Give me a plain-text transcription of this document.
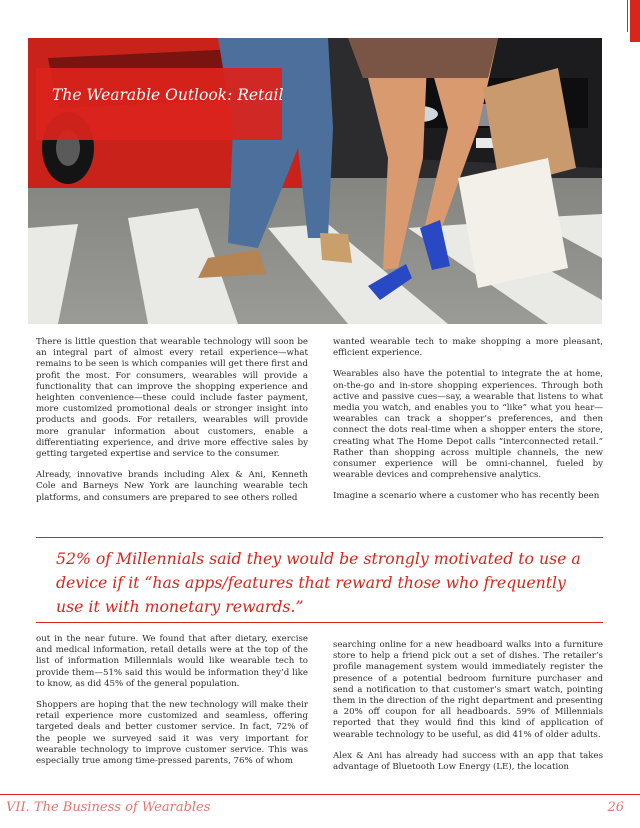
The Wearable Outlook: Retail

There is little question that wearable technology will soon be an integral part of almost every retail experience—what remains to be seen is which companies will get there first and profit the most. For consumers, wearables will provide a functionality that can improve the shopping experience and heighten convenience—these could include faster payment, more customized promotional deals or stronger insight into products and goods. For retailers, wearables will provide more granular information about customers, enable a differentiating experience, and drive more effective sales by getting targeted expertise and service to the consumer.

Already, innovative brands including Alex & Ani, Kenneth Cole and Barneys New York are launching wearable tech platforms, and consumers are prepared to see others rolled

wanted wearable tech to make shopping a more pleasant, efficient experience.

Wearables also have the potential to integrate the at home, on-the-go and in-store shopping experiences. Through both active and passive cues—say, a wearable that listens to what media you watch, and enables you to “like” what you hear—wearables can track a shopper’s preferences, and then connect the dots real-time when a shopper enters the store, creating what The Home Depot calls “interconnected retail.” Rather than shopping across multiple channels, the new consumer experience will be omni-channel, fueled by wearable devices and comprehensive analytics.

Imagine a scenario where a customer who has recently been

52% of Millennials said they would be strongly motivated to use a device if it “has apps/features that reward those who frequently use it with monetary rewards.”

out in the near future. We found that after dietary, exercise and medical information, retail details were at the top of the list of information Millennials would like wearable tech to provide them—51% said this would be information they’d like to know, as did 45% of the general population.

Shoppers are hoping that the new technology will make their retail experience more customized and seamless, offering targeted deals and better customer service. In fact, 72% of the people we surveyed said it was very important for wearable technology to improve customer service. This was especially true among time-pressed parents, 76% of whom

searching online for a new headboard walks into a furniture store to help a friend pick out a set of dishes. The retailer’s profile management system would immediately register the presence of a potential bedroom furniture purchaser and send a notification to that customer’s smart watch, pointing them in the direction of the right department and presenting a 20% off coupon for all headboards. 59% of Millennials reported that they would find this kind of application of wearable technology to be useful, as did 41% of older adults.

Alex & Ani has already had success with an app that takes advantage of Bluetooth Low Energy (LE), the location

VII. The Business of Wearables	26
